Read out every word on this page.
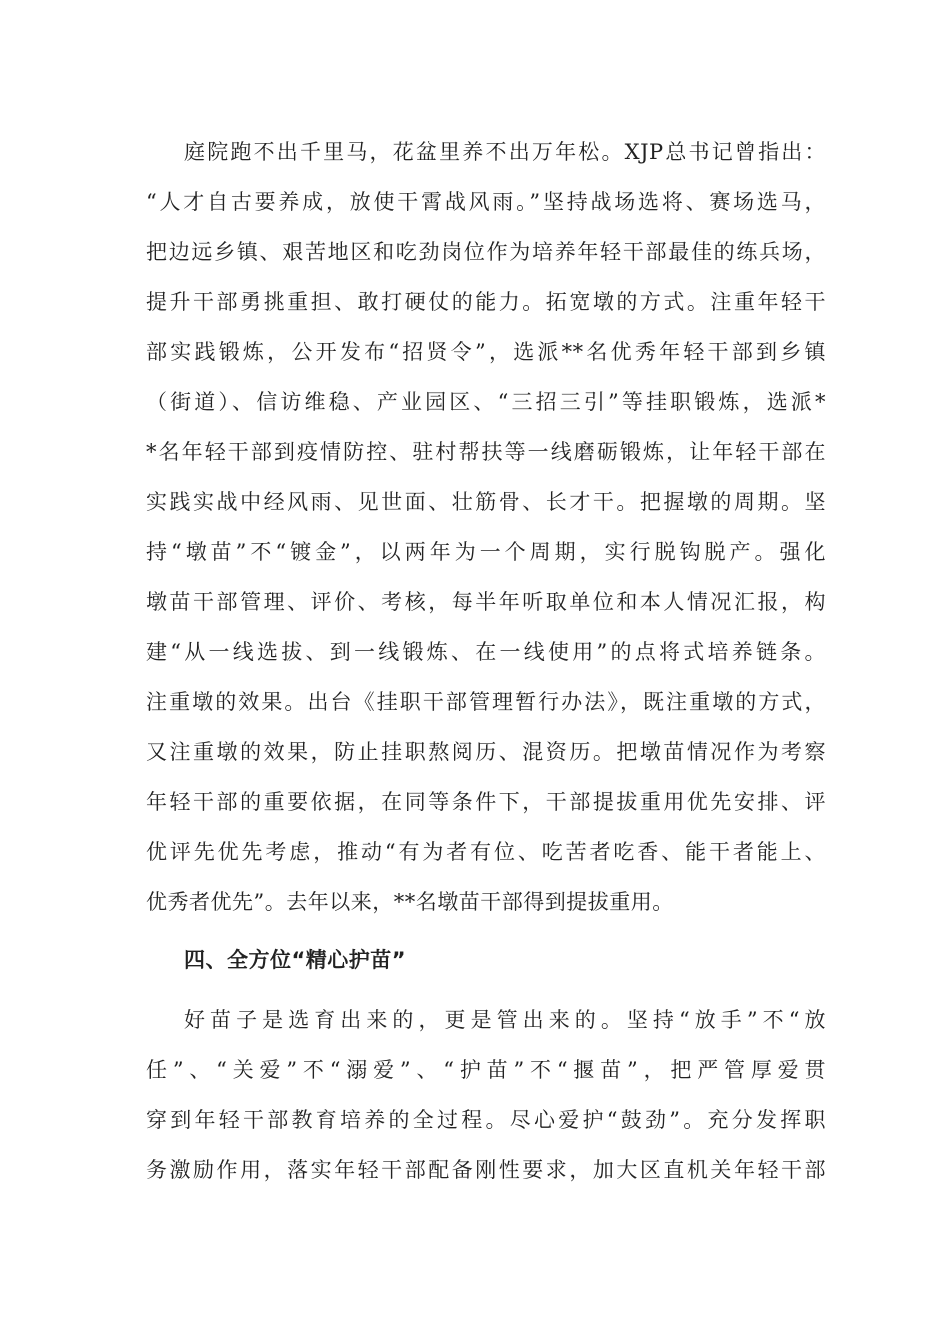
庭院跑不出千里马，花盆里养不出万年松。XJP总书记曾指出：
“人才自古要养成，放使干霄战风雨。”坚持战场选将、赛场选马，
把边远乡镇、艰苦地区和吃劲岗位作为培养年轻干部最佳的练兵场，
提升干部勇挑重担、敢打硬仗的能力。拓宽墩的方式。注重年轻干
部实践锻炼，公开发布“招贤令”，选派**名优秀年轻干部到乡镇
（街道）、信访维稳、产业园区、“三招三引”等挂职锻炼，选派*
*名年轻干部到疫情防控、驻村帮扶等一线磨砺锻炼，让年轻干部在
实践实战中经风雨、见世面、壮筋骨、长才干。把握墩的周期。坚
持“墩苗”不“镀金”，以两年为一个周期，实行脱钩脱产。强化
墩苗干部管理、评价、考核，每半年听取单位和本人情况汇报，构
建“从一线选拔、到一线锻炼、在一线使用”的点将式培养链条。
注重墩的效果。出台《挂职干部管理暂行办法》，既注重墩的方式，
又注重墩的效果，防止挂职熬阅历、混资历。把墩苗情况作为考察
年轻干部的重要依据，在同等条件下，干部提拔重用优先安排、评
优评先优先考虑，推动“有为者有位、吃苦者吃香、能干者能上、
优秀者优先”。去年以来，**名墩苗干部得到提拔重用。
四、全方位“精心护苗”
好苗子是选育出来的，更是管出来的。坚持“放手”不“放
任”、“关爱”不“溺爱”、“护苗”不“揠苗”，把严管厚爱贯
穿到年轻干部教育培养的全过程。尽心爱护“鼓劲”。充分发挥职
务激励作用，落实年轻干部配备刚性要求，加大区直机关年轻干部
